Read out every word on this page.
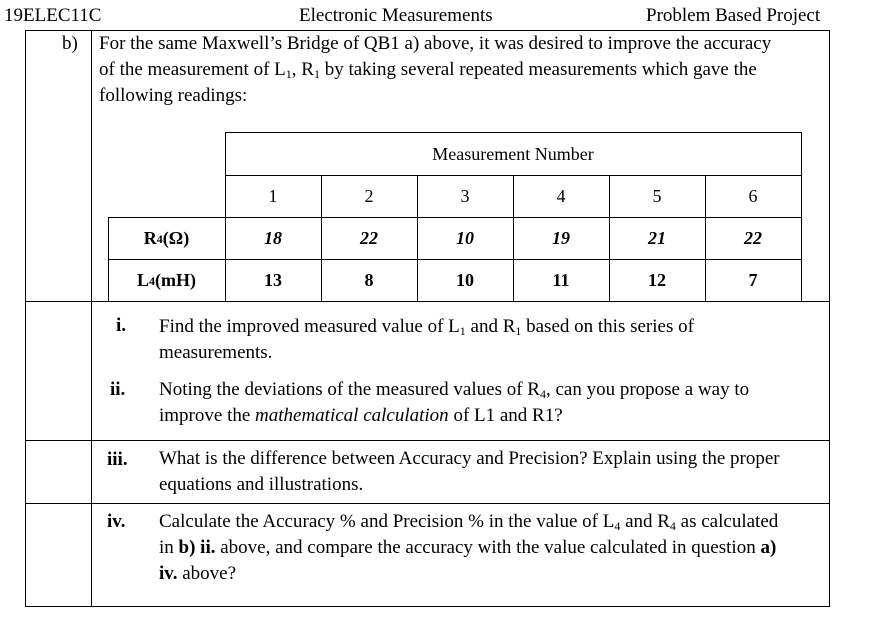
19ELEC11C	Electronic Measurements	Problem Based Project
b) For the same Maxwell’s Bridge of QB1 a) above, it was desired to improve the accuracy
of the measurement of $L_1$, $R_1$ by taking several repeated measurements which gave the
following readings:
Measurement Number
1	2	3	4	5	6
R 4 (Ω)	18	22	10	19	21	22
L 4 (mH)	13	8	10	11	12	7
i. Find the improved measured value of $L_1$ and $R_1$ based on this series of
measurements.
ii. Noting the deviations of the measured values of $R_4$, can you propose a way to
improve the mathematical calculation of L1 and R1?
iii. What is the difference between Accuracy and Precision? Explain using the proper
equations and illustrations.
iv. Calculate the Accuracy % and Precision % in the value of $L_4$ and $R_4$ as calculated
in b) ii. above, and compare the accuracy with the value calculated in question a)
iv. above?
